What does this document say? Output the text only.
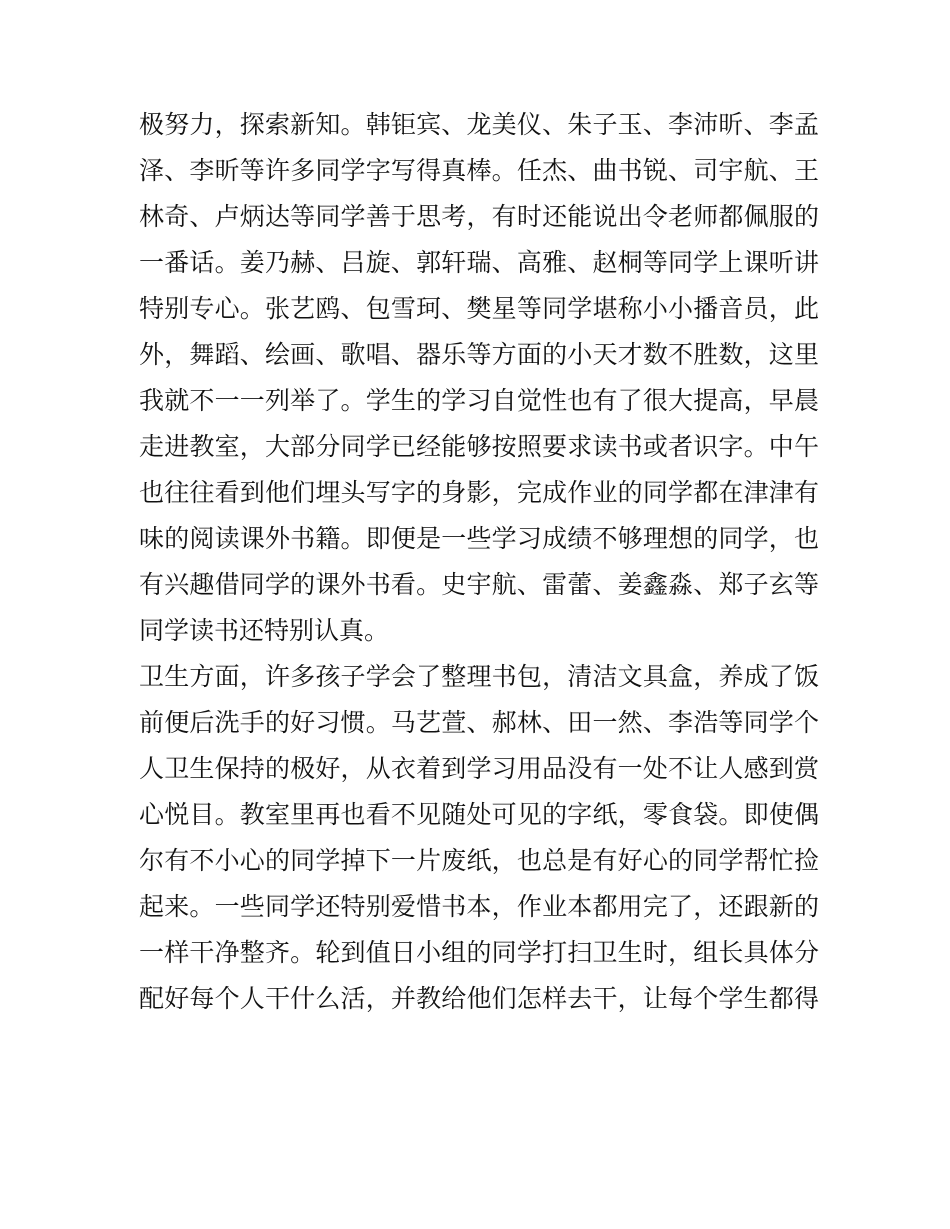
极努力，探索新知。韩钜宾、龙美仪、朱子玉、李沛昕、李孟
泽、李昕等许多同学字写得真棒。任杰、曲书锐、司宇航、王
林奇、卢炳达等同学善于思考，有时还能说出令老师都佩服的
一番话。姜乃赫、吕旋、郭轩瑞、高雅、赵桐等同学上课听讲
特别专心。张艺鸥、包雪珂、樊星等同学堪称小小播音员，此
外，舞蹈、绘画、歌唱、器乐等方面的小天才数不胜数，这里
我就不一一列举了。学生的学习自觉性也有了很大提高，早晨
走进教室，大部分同学已经能够按照要求读书或者识字。中午
也往往看到他们埋头写字的身影，完成作业的同学都在津津有
味的阅读课外书籍。即便是一些学习成绩不够理想的同学，也
有兴趣借同学的课外书看。史宇航、雷蕾、姜鑫淼、郑子玄等
同学读书还特别认真。
卫生方面，许多孩子学会了整理书包，清洁文具盒，养成了饭
前便后洗手的好习惯。马艺萱、郝林、田一然、李浩等同学个
人卫生保持的极好，从衣着到学习用品没有一处不让人感到赏
心悦目。教室里再也看不见随处可见的字纸，零食袋。即使偶
尔有不小心的同学掉下一片废纸，也总是有好心的同学帮忙捡
起来。一些同学还特别爱惜书本，作业本都用完了，还跟新的
一样干净整齐。轮到值日小组的同学打扫卫生时，组长具体分
配好每个人干什么活，并教给他们怎样去干，让每个学生都得
